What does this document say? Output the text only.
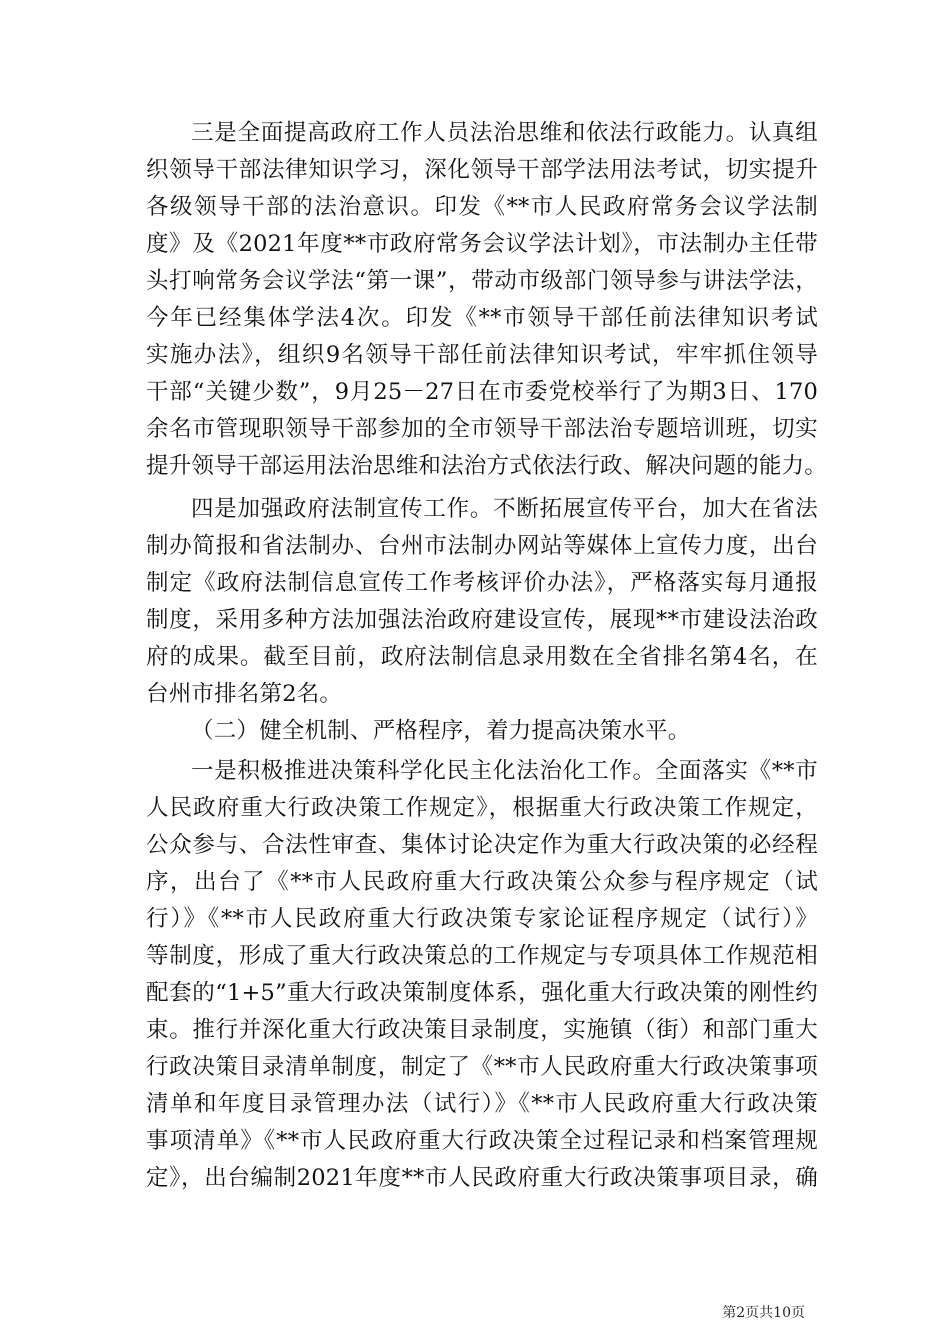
三是全面提高政府工作人员法治思维和依法行政能力。认真组
织领导干部法律知识学习，深化领导干部学法用法考试，切实提升
各级领导干部的法治意识。印发《**市人民政府常务会议学法制
度》及《2021年度**市政府常务会议学法计划》，市法制办主任带
头打响常务会议学法“第一课”，带动市级部门领导参与讲法学法，
今年已经集体学法4次。印发《**市领导干部任前法律知识考试
实施办法》，组织9名领导干部任前法律知识考试，牢牢抓住领导
干部“关键少数”，9月25－27日在市委党校举行了为期3日、170
余名市管现职领导干部参加的全市领导干部法治专题培训班，切实
提升领导干部运用法治思维和法治方式依法行政、解决问题的能力。
四是加强政府法制宣传工作。不断拓展宣传平台，加大在省法
制办简报和省法制办、台州市法制办网站等媒体上宣传力度，出台
制定《政府法制信息宣传工作考核评价办法》，严格落实每月通报
制度，采用多种方法加强法治政府建设宣传，展现**市建设法治政
府的成果。截至目前，政府法制信息录用数在全省排名第4名，在
台州市排名第2名。
（二）健全机制、严格程序，着力提高决策水平。
一是积极推进决策科学化民主化法治化工作。全面落实《**市
人民政府重大行政决策工作规定》，根据重大行政决策工作规定，
公众参与、合法性审查、集体讨论决定作为重大行政决策的必经程
序，出台了《**市人民政府重大行政决策公众参与程序规定（试
行）》《**市人民政府重大行政决策专家论证程序规定（试行）》
等制度，形成了重大行政决策总的工作规定与专项具体工作规范相
配套的“1+5”重大行政决策制度体系，强化重大行政决策的刚性约
束。推行并深化重大行政决策目录制度，实施镇（街）和部门重大
行政决策目录清单制度，制定了《**市人民政府重大行政决策事项
清单和年度目录管理办法（试行）》《**市人民政府重大行政决策
事项清单》《**市人民政府重大行政决策全过程记录和档案管理规
定》，出台编制2021年度**市人民政府重大行政决策事项目录，确
第2页共10页
